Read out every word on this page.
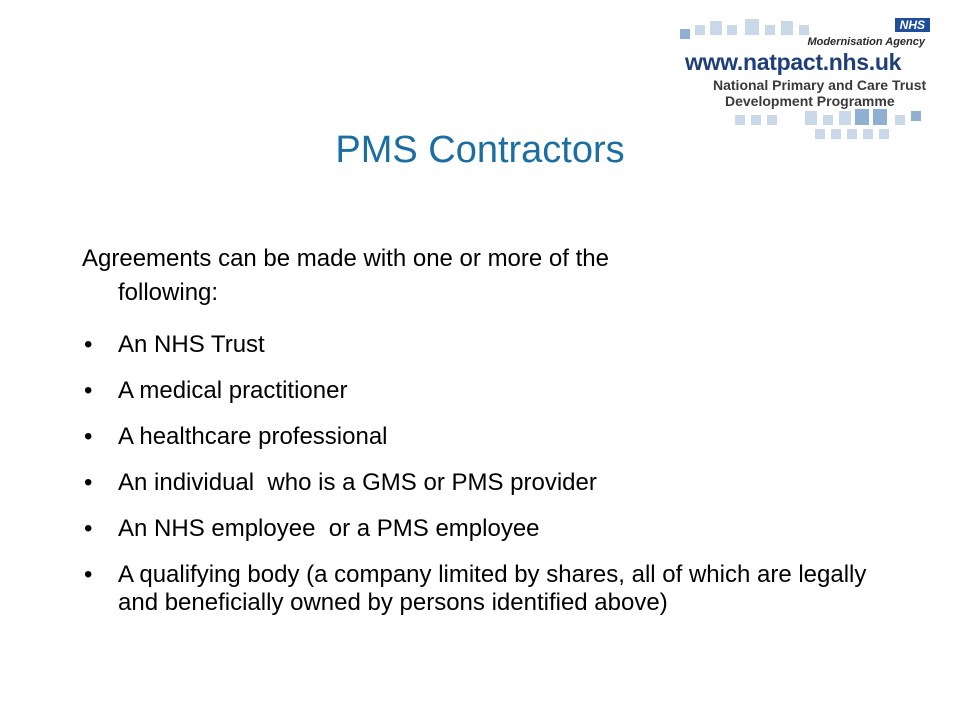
NHS
Modernisation Agency
www.natpact.nhs.uk
National Primary and Care Trust
Development Programme
PMS Contractors
Agreements can be made with one or more of the
following:
• An NHS Trust
• A medical practitioner
• A healthcare professional
• An individual  who is a GMS or PMS provider
• An NHS employee  or a PMS employee
• A qualifying body (a company limited by shares, all of which are legally and beneficially owned by persons identified above)
